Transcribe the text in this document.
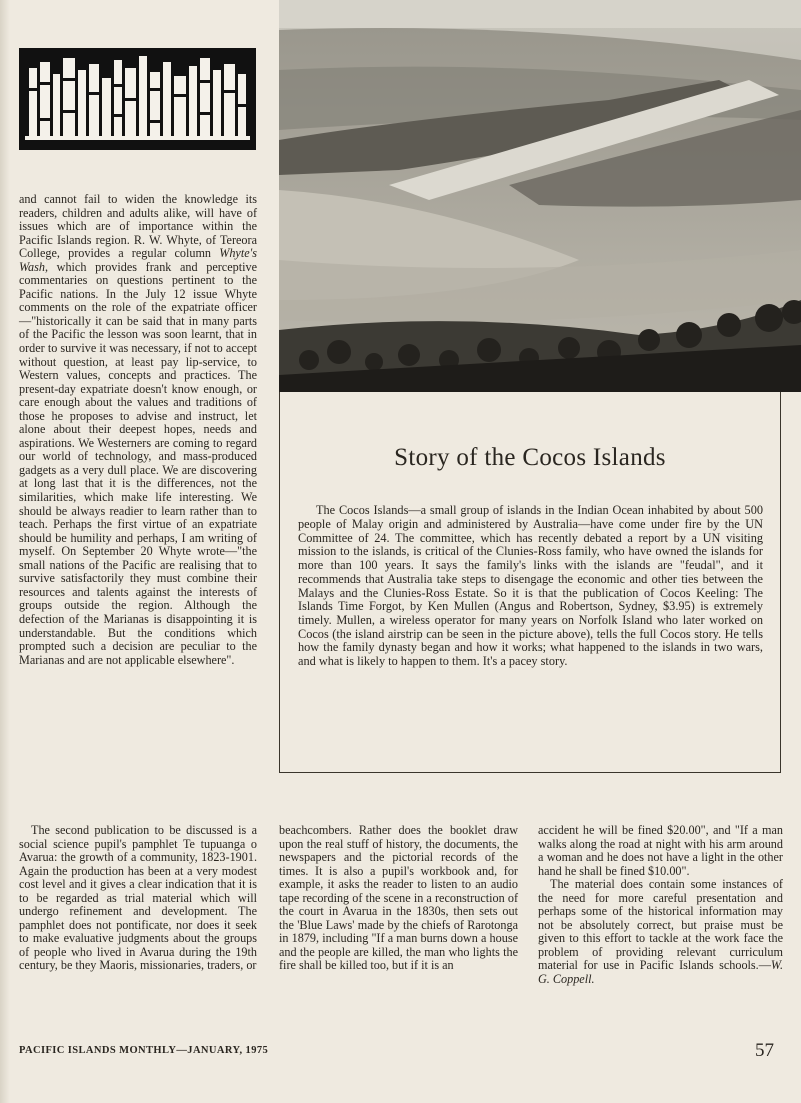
and cannot fail to widen the knowledge its readers, children and adults alike, will have of issues which are of importance within the Pacific Islands region. R. W. Whyte, of Tereora College, provides a regular column Whyte's Wash, which provides frank and perceptive commentaries on questions pertinent to the Pacific nations. In the July 12 issue Whyte comments on the role of the expatriate officer—"historically it can be said that in many parts of the Pacific the lesson was soon learnt, that in order to survive it was necessary, if not to accept without question, at least pay lip-service, to Western values, concepts and practices. The present-day expatriate doesn't know enough, or care enough about the values and traditions of those he proposes to advise and instruct, let alone about their deepest hopes, needs and aspirations. We Westerners are coming to regard our world of technology, and mass-produced gadgets as a very dull place. We are discovering at long last that it is the differences, not the similarities, which make life interesting. We should be always readier to learn rather than to teach. Perhaps the first virtue of an expatriate should be humility and perhaps, I am writing of myself. On September 20 Whyte wrote—"the small nations of the Pacific are realising that to survive satisfactorily they must combine their resources and talents against the interests of groups outside the region. Although the defection of the Marianas is disappointing it is understandable. But the conditions which prompted such a decision are peculiar to the Marianas and are not applicable elsewhere".

The second publication to be discussed is a social science pupil's pamphlet Te tupuanga o Avarua: the growth of a community, 1823-1901. Again the production has been at a very modest cost level and it gives a clear indication that it is to be regarded as trial material which will undergo refinement and development. The pamphlet does not pontificate, nor does it seek to make evaluative judgments about the groups of people who lived in Avarua during the 19th century, be they Maoris, missionaries, traders, or

Story of the Cocos Islands

The Cocos Islands—a small group of islands in the Indian Ocean inhabited by about 500 people of Malay origin and administered by Australia—have come under fire by the UN Committee of 24. The committee, which has recently debated a report by a UN visiting mission to the islands, is critical of the Clunies-Ross family, who have owned the islands for more than 100 years. It says the family's links with the islands are "feudal", and it recommends that Australia take steps to disengage the economic and other ties between the Malays and the Clunies-Ross Estate. So it is that the publication of Cocos Keeling: The Islands Time Forgot, by Ken Mullen (Angus and Robertson, Sydney, $3.95) is extremely timely. Mullen, a wireless operator for many years on Norfolk Island who later worked on Cocos (the island airstrip can be seen in the picture above), tells the full Cocos story. He tells how the family dynasty began and how it works; what happened to the islands in two wars, and what is likely to happen to them. It's a pacey story.

beachcombers. Rather does the booklet draw upon the real stuff of history, the documents, the newspapers and the pictorial records of the times. It is also a pupil's workbook and, for example, it asks the reader to listen to an audio tape recording of the scene in a reconstruction of the court in Avarua in the 1830s, then sets out the 'Blue Laws' made by the chiefs of Rarotonga in 1879, including "If a man burns down a house and the people are killed, the man who lights the fire shall be killed too, but if it is an

accident he will be fined $20.00", and "If a man walks along the road at night with his arm around a woman and he does not have a light in the other hand he shall be fined $10.00".

The material does contain some instances of the need for more careful presentation and perhaps some of the historical information may not be absolutely correct, but praise must be given to this effort to tackle at the work face the problem of providing relevant curriculum material for use in Pacific Islands schools.—W. G. Coppell.

PACIFIC ISLANDS MONTHLY—JANUARY, 1975	57
